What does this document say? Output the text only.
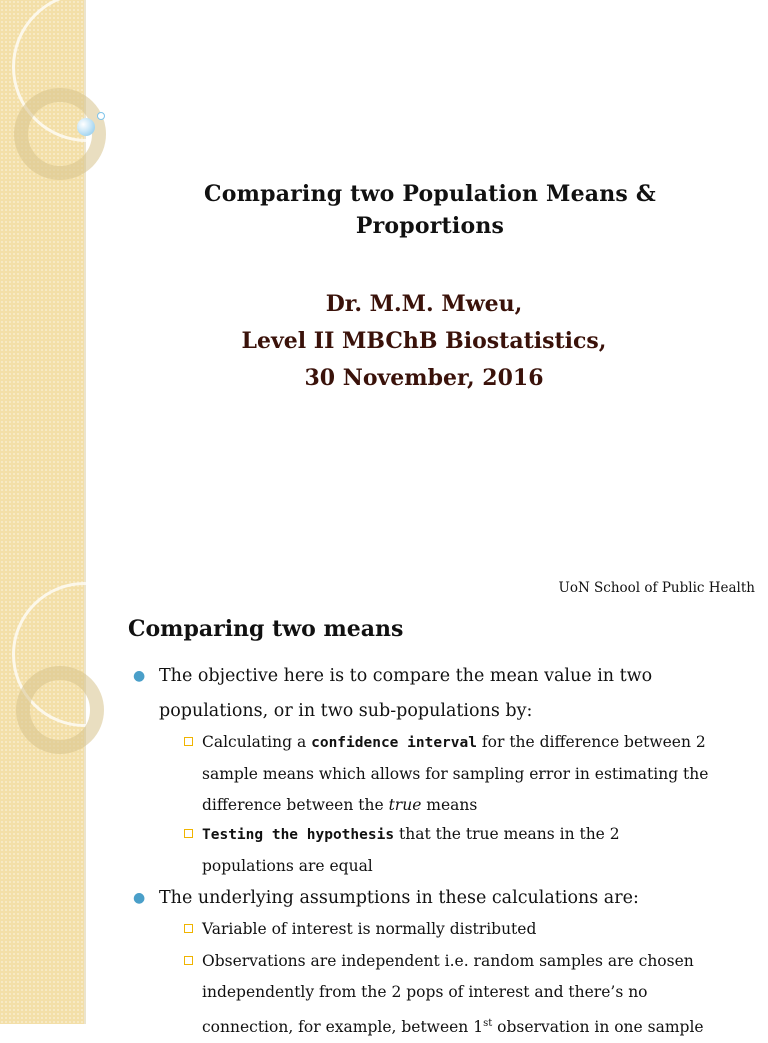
Comparing two Population Means &
Proportions
Dr. M.M. Mweu,
Level II MBChB Biostatistics,
30 November, 2016
UoN School of Public Health
Comparing two means
● The objective here is to compare the mean value in two
populations, or in two sub-populations by:
Calculating a confidence interval for the difference between 2
sample means which allows for sampling error in estimating the
difference between the true means
Testing the hypothesis that the true means in the 2
populations are equal
● The underlying assumptions in these calculations are:
Variable of interest is normally distributed
Observations are independent i.e. random samples are chosen
independently from the 2 pops of interest and there’s no
connection, for example, between 1st observation in one sample
